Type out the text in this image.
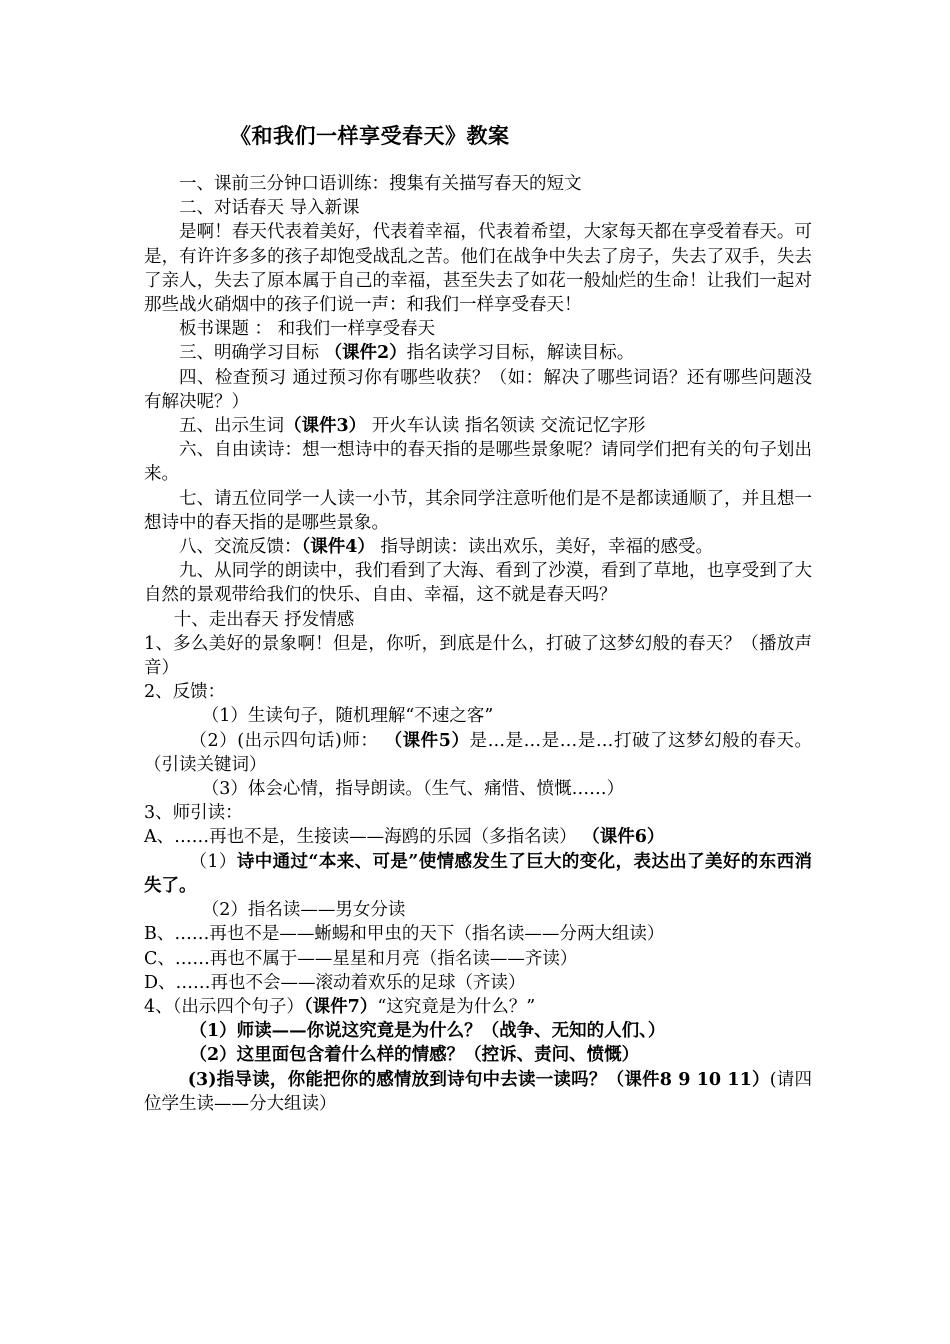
《和我们一样享受春天》教案

一、课前三分钟口语训练：搜集有关描写春天的短文

二、对话春天 导入新课

是啊！春天代表着美好，代表着幸福，代表着希望，大家每天都在享受着春天。可是，有许许多多的孩子却饱受战乱之苦。他们在战争中失去了房子，失去了双手，失去了亲人，失去了原本属于自己的幸福，甚至失去了如花一般灿烂的生命！让我们一起对那些战火硝烟中的孩子们说一声：和我们一样享受春天！

板书课题 ： 和我们一样享受春天

三、明确学习目标 （课件2）指名读学习目标，解读目标。

四、检查预习 通过预习你有哪些收获？（如：解决了哪些词语？还有哪些问题没有解决呢？）

五、出示生词（课件3） 开火车认读 指名领读 交流记忆字形

六、自由读诗：想一想诗中的春天指的是哪些景象呢？请同学们把有关的句子划出来。

七、请五位同学一人读一小节，其余同学注意听他们是不是都读通顺了，并且想一想诗中的春天指的是哪些景象。

八、交流反馈：（课件4） 指导朗读：读出欢乐，美好，幸福的感受。

九、从同学的朗读中，我们看到了大海、看到了沙漠，看到了草地，也享受到了大自然的景观带给我们的快乐、自由、幸福，这不就是春天吗？

十、走出春天 抒发情感

1、多么美好的景象啊！但是，你听，到底是什么，打破了这梦幻般的春天？（播放声音）

2、反馈：

（1）生读句子，随机理解“不速之客”

（2）(出示四句话)师： （课件5）是…是…是…是…打破了这梦幻般的春天。（引读关键词）

（3）体会心情，指导朗读。（生气、痛惜、愤慨……）

3、师引读：

A、……再也不是，生接读——海鸥的乐园（多指名读） （课件6）

（1）诗中通过“本来、可是”使情感发生了巨大的变化，表达出了美好的东西消失了。

（2）指名读——男女分读

B、……再也不是——蜥蜴和甲虫的天下（指名读——分两大组读）

C、……再也不属于——星星和月亮（指名读——齐读）

D、……再也不会——滚动着欢乐的足球（齐读）

4、（出示四个句子）（课件7）“这究竟是为什么？”

（1）师读——你说这究竟是为什么？（战争、无知的人们、）

（2）这里面包含着什么样的情感？（控诉、责问、愤慨）

(3)指导读，你能把你的感情放到诗句中去读一读吗？（课件8 9 10 11）(请四位学生读——分大组读）
